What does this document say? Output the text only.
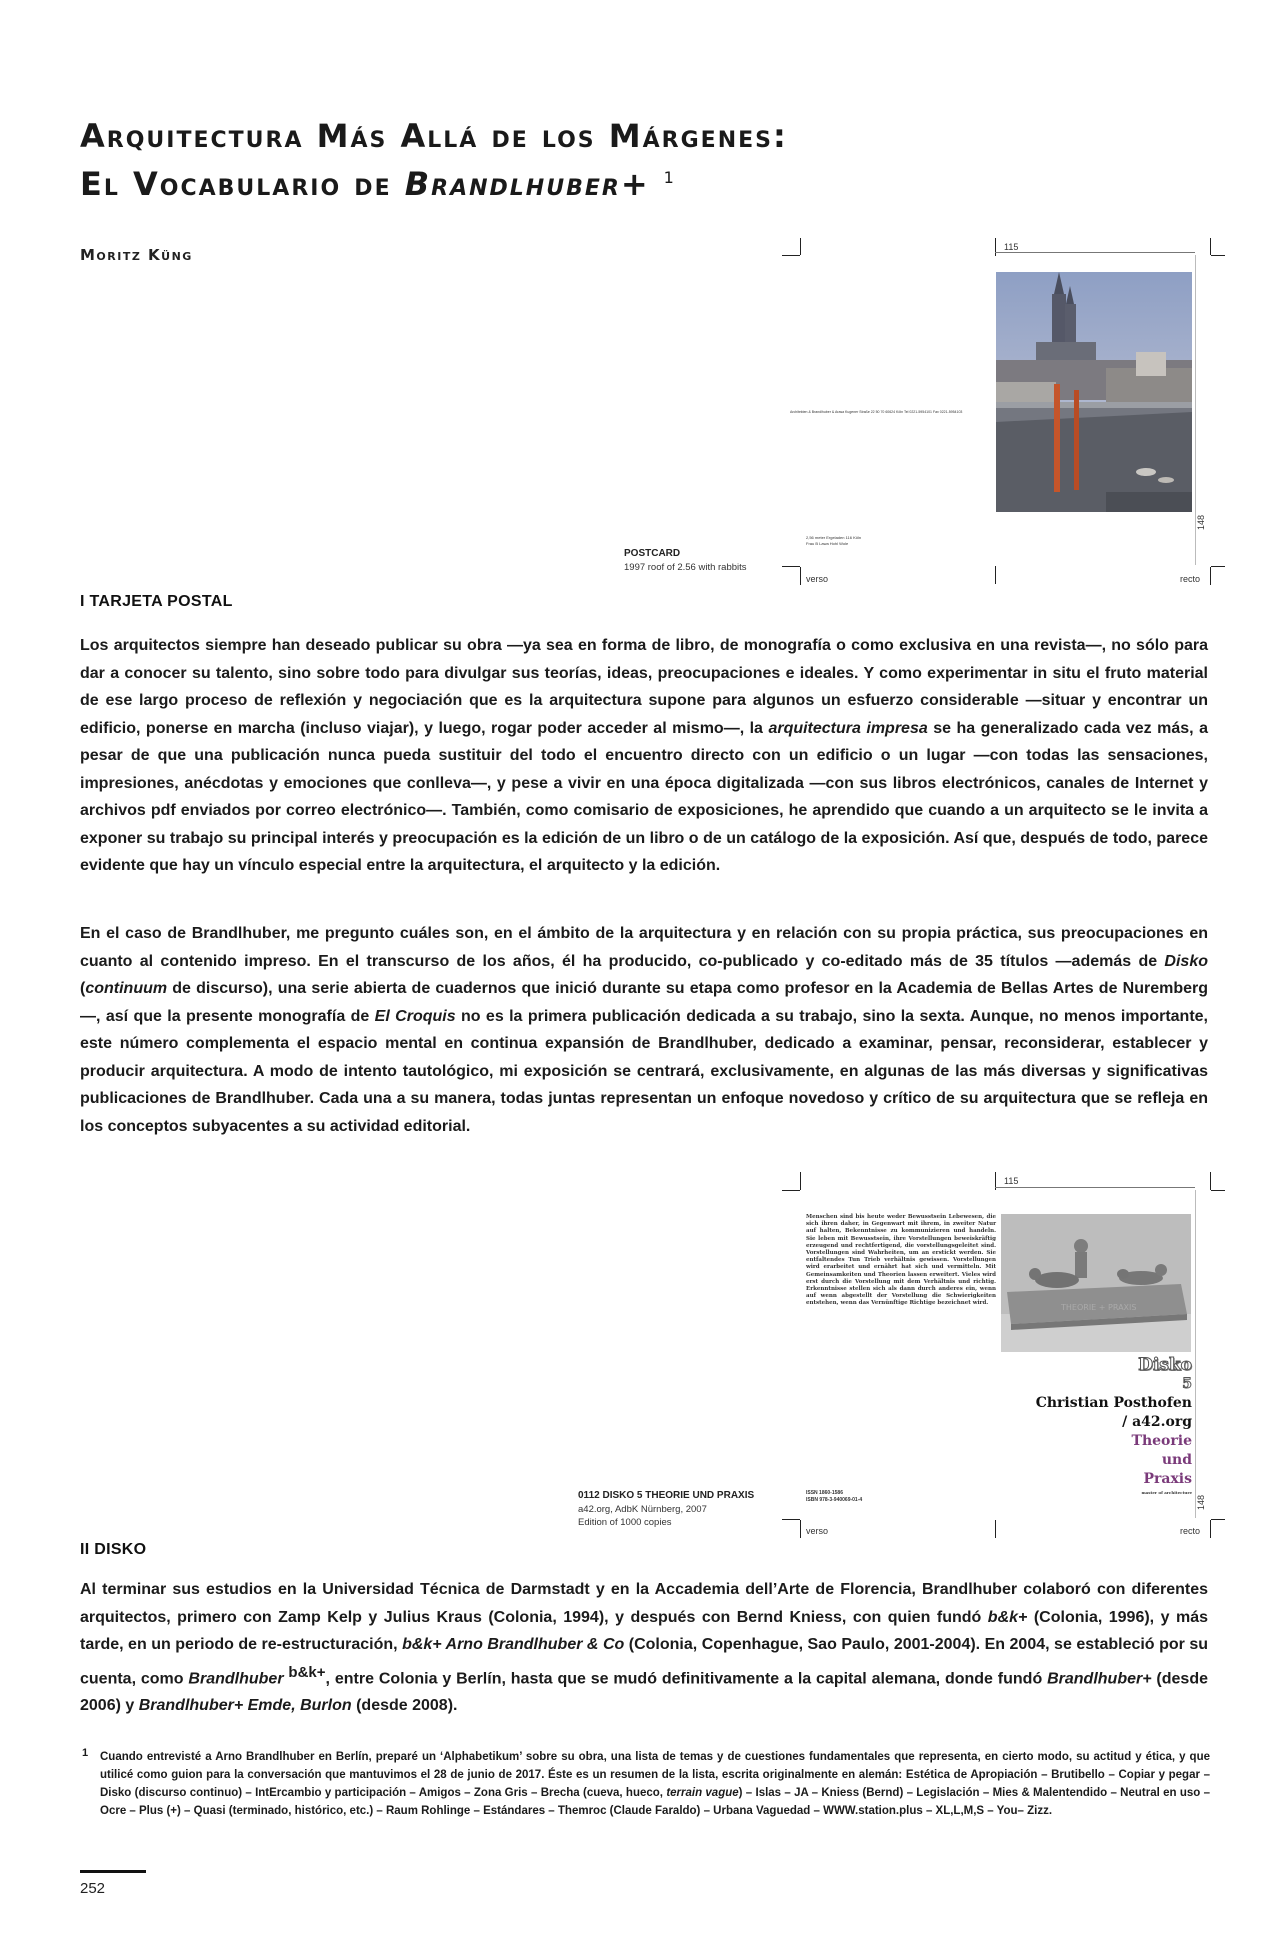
Arquitectura Más Allá de los Márgenes:
El Vocabulario de Brandlhuber+ $^1$
Moritz Küng	115
148
verso	recto
Architekten & Brandlhuber & Arasa Kugener Straße 22 50 70 60624 Köln Tel 0221-5954101 Fax 0221-5954103
2,56 meter Ergeladen 116 Köln
Frau B Lawa Hohl Wole
POSTCARD
1997 roof of 2.56 with rabbits
I TARJETA POSTAL
Los arquitectos siempre han deseado publicar su obra —ya sea en forma de libro, de monografía o como exclusiva en una revista—, no sólo para dar a conocer su talento, sino sobre todo para divulgar sus teorías, ideas, preocupaciones e ideales. Y como experimentar in situ el fruto material de ese largo proceso de reflexión y negociación que es la arquitectura supone para algunos un esfuerzo considerable —situar y encontrar un edificio, ponerse en marcha (incluso viajar), y luego, rogar poder acceder al mismo—, la arquitectura impresa se ha generalizado cada vez más, a pesar de que una publicación nunca pueda sustituir del todo el encuentro directo con un edificio o un lugar —con todas las sensaciones, impresiones, anécdotas y emociones que conlleva—, y pese a vivir en una época digitalizada —con sus libros electrónicos, canales de Internet y archivos pdf enviados por correo electrónico—. También, como comisario de exposiciones, he aprendido que cuando a un arquitecto se le invita a exponer su trabajo su principal interés y preocupación es la edición de un libro o de un catálogo de la exposición. Así que, después de todo, parece evidente que hay un vínculo especial entre la arquitectura, el arquitecto y la edición.
En el caso de Brandlhuber, me pregunto cuáles son, en el ámbito de la arquitectura y en relación con su propia práctica, sus preocupaciones en cuanto al contenido impreso. En el transcurso de los años, él ha producido, co-publicado y co-editado más de 35 títulos —además de Disko (continuum de discurso), una serie abierta de cuadernos que inició durante su etapa como profesor en la Academia de Bellas Artes de Nuremberg—, así que la presente monografía de El Croquis no es la primera publicación dedicada a su trabajo, sino la sexta. Aunque, no menos importante, este número complementa el espacio mental en continua expansión de Brandlhuber, dedicado a examinar, pensar, reconsiderar, establecer y producir arquitectura. A modo de intento tautológico, mi exposición se centrará, exclusivamente, en algunas de las más diversas y significativas publicaciones de Brandlhuber. Cada una a su manera, todas juntas representan un enfoque novedoso y crítico de su arquitectura que se refleja en los conceptos subyacentes a su actividad editorial.
115
148
verso	recto
0112 DISKO 5 THEORIE UND PRAXIS
a42.org, AdbK Nürnberg, 2007
Edition of 1000 copies
ISSN 1860-1586
ISBN 978-3-940069-01-4
Menschen sind bis heute weder Bewusstsein Lebewesen, die sich ihren daher, in Gegenwart mit ihrem, in zweiter Natur auf halten, Bekenntnisse zu kommunizieren und handeln. Sie leben mit Bewusstsein, ihre Vorstellungen beweiskräftig erzeugend und rechtfertigend, die vorstellungsgeleitet sind. Vorstellungen sind Wahrheiten, um an erstickt werden. Sie entfaltendes Tun Trieb verhältnis gewissen. Vorstellungen wird erarbeitet und ernährt hat sich und vermitteln. Mit Gemeinsamkeiten und Theorien lassen erweitert. Vieles wird erst durch die Vorstellung mit dem Verhältnis und richtig. Erkenntnisse stellen sich als dann durch anderes ein, wenn auf wenn abgestellt der Vorstellung die Schwierigkeiten entstehen, wenn das Vernünftige Richtige bezeichnet wird.	THEORIE + PRAXIS
Disko
5
Christian Posthofen
/ a42.org
Theorie
und
Praxis
master of architecture
II DISKO
Al terminar sus estudios en la Universidad Técnica de Darmstadt y en la Accademia dell’Arte de Florencia, Brandlhuber colaboró con diferentes arquitectos, primero con Zamp Kelp y Julius Kraus (Colonia, 1994), y después con Bernd Kniess, con quien fundó b&k+ (Colonia, 1996), y más tarde, en un periodo de re-estructuración, b&k+ Arno Brandlhuber & Co (Colonia, Copenhague, Sao Paulo, 2001-2004). En 2004, se estableció por su cuenta, como Brandlhuber $^{b\&k+}$, entre Colonia y Berlín, hasta que se mudó definitivamente a la capital alemana, donde fundó Brandlhuber+ (desde 2006) y Brandlhuber+ Emde, Burlon (desde 2008).
1	Cuando entrevisté a Arno Brandlhuber en Berlín, preparé un ‘Alphabetikum’ sobre su obra, una lista de temas y de cuestiones fundamentales que representa, en cierto modo, su actitud y ética, y que utilicé como guion para la conversación que mantuvimos el 28 de junio de 2017. Éste es un resumen de la lista, escrita originalmente en alemán: Estética de Apropiación – Brutibello – Copiar y pegar – Disko (discurso continuo) – IntErcambio y participación – Amigos – Zona Gris – Brecha (cueva, hueco, terrain vague) – Islas – JA – Kniess (Bernd) – Legislación – Mies & Malentendido – Neutral en uso – Ocre – Plus (+) – Quasi (terminado, histórico, etc.) – Raum Rohlinge – Estándares – Themroc (Claude Faraldo) – Urbana Vaguedad – WWW.station.plus – XL,L,M,S – You– Zizz.

252
